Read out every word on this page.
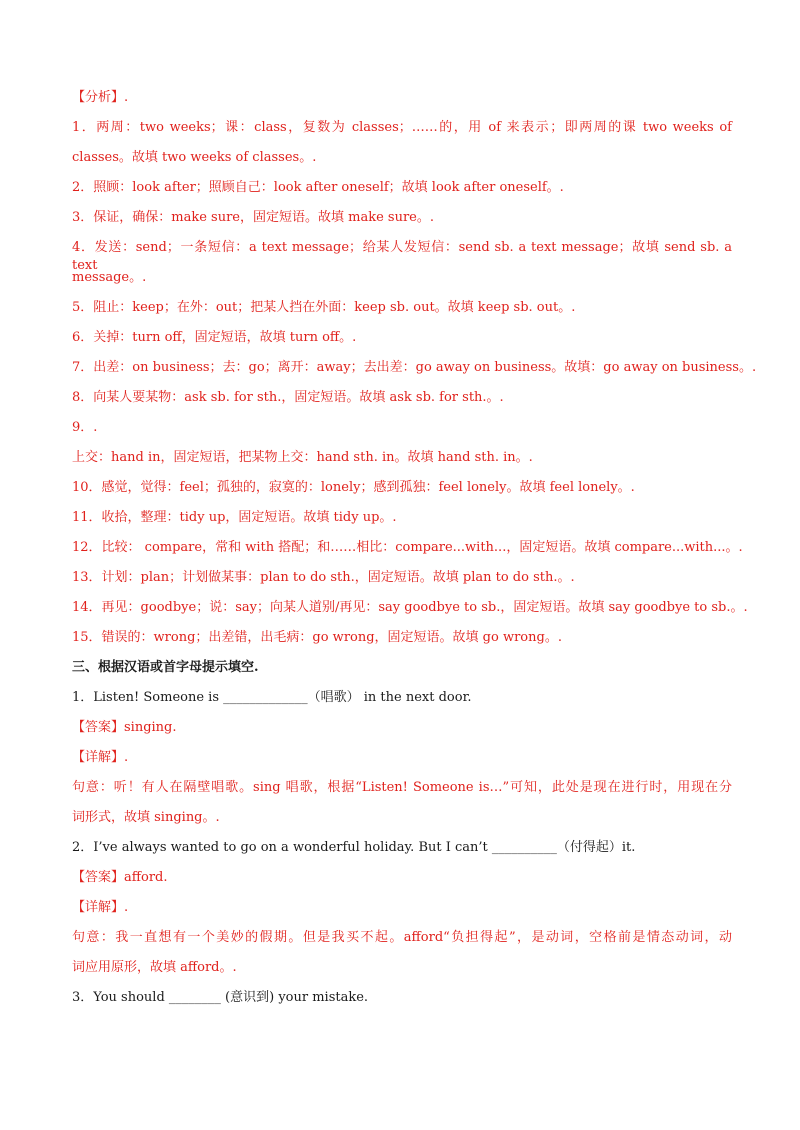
【分析】.
1．两周：two weeks；课：class，复数为 classes；……的，用 of 来表示；即两周的课 two weeks of
classes。故填 two weeks of classes。.
2．照顾：look after；照顾自己：look after oneself；故填 look after oneself。.
3．保证，确保：make sure，固定短语。故填 make sure。.
4．发送：send；一条短信：a text message；给某人发短信：send sb. a text message；故填 send sb. a text
message。.
5．阻止：keep；在外：out；把某人挡在外面：keep sb. out。故填 keep sb. out。.
6．关掉：turn off，固定短语，故填 turn off。.
7．出差：on business；去：go；离开：away；去出差：go away on business。故填：go away on business。.
8．向某人要某物：ask sb. for sth.，固定短语。故填 ask sb. for sth.。.
9．.
上交：hand in，固定短语，把某物上交：hand sth. in。故填 hand sth. in。.
10．感觉，觉得：feel；孤独的，寂寞的：lonely；感到孤独：feel lonely。故填 feel lonely。.
11．收拾，整理：tidy up，固定短语。故填 tidy up。.
12．比较： compare，常和 with 搭配；和……相比：compare...with...，固定短语。故填 compare...with...。.
13．计划：plan；计划做某事：plan to do sth.，固定短语。故填 plan to do sth.。.
14．再见：goodbye；说：say；向某人道别/再见：say goodbye to sb.，固定短语。故填 say goodbye to sb.。.
15．错误的：wrong；出差错，出毛病：go wrong，固定短语。故填 go wrong。.
三、根据汉语或首字母提示填空.
1．Listen! Someone is _____________（唱歌） in the next door.
【答案】singing.
【详解】.
句意：听！有人在隔壁唱歌。sing 唱歌，根据“Listen! Someone is…”可知，此处是现在进行时，用现在分
词形式，故填 singing。.
2．I’ve always wanted to go on a wonderful holiday. But I can’t __________（付得起）it.
【答案】afford.
【详解】.
句意：我一直想有一个美妙的假期。但是我买不起。afford“负担得起”，是动词，空格前是情态动词，动
词应用原形，故填 afford。.
3．You should ________ (意识到) your mistake.
